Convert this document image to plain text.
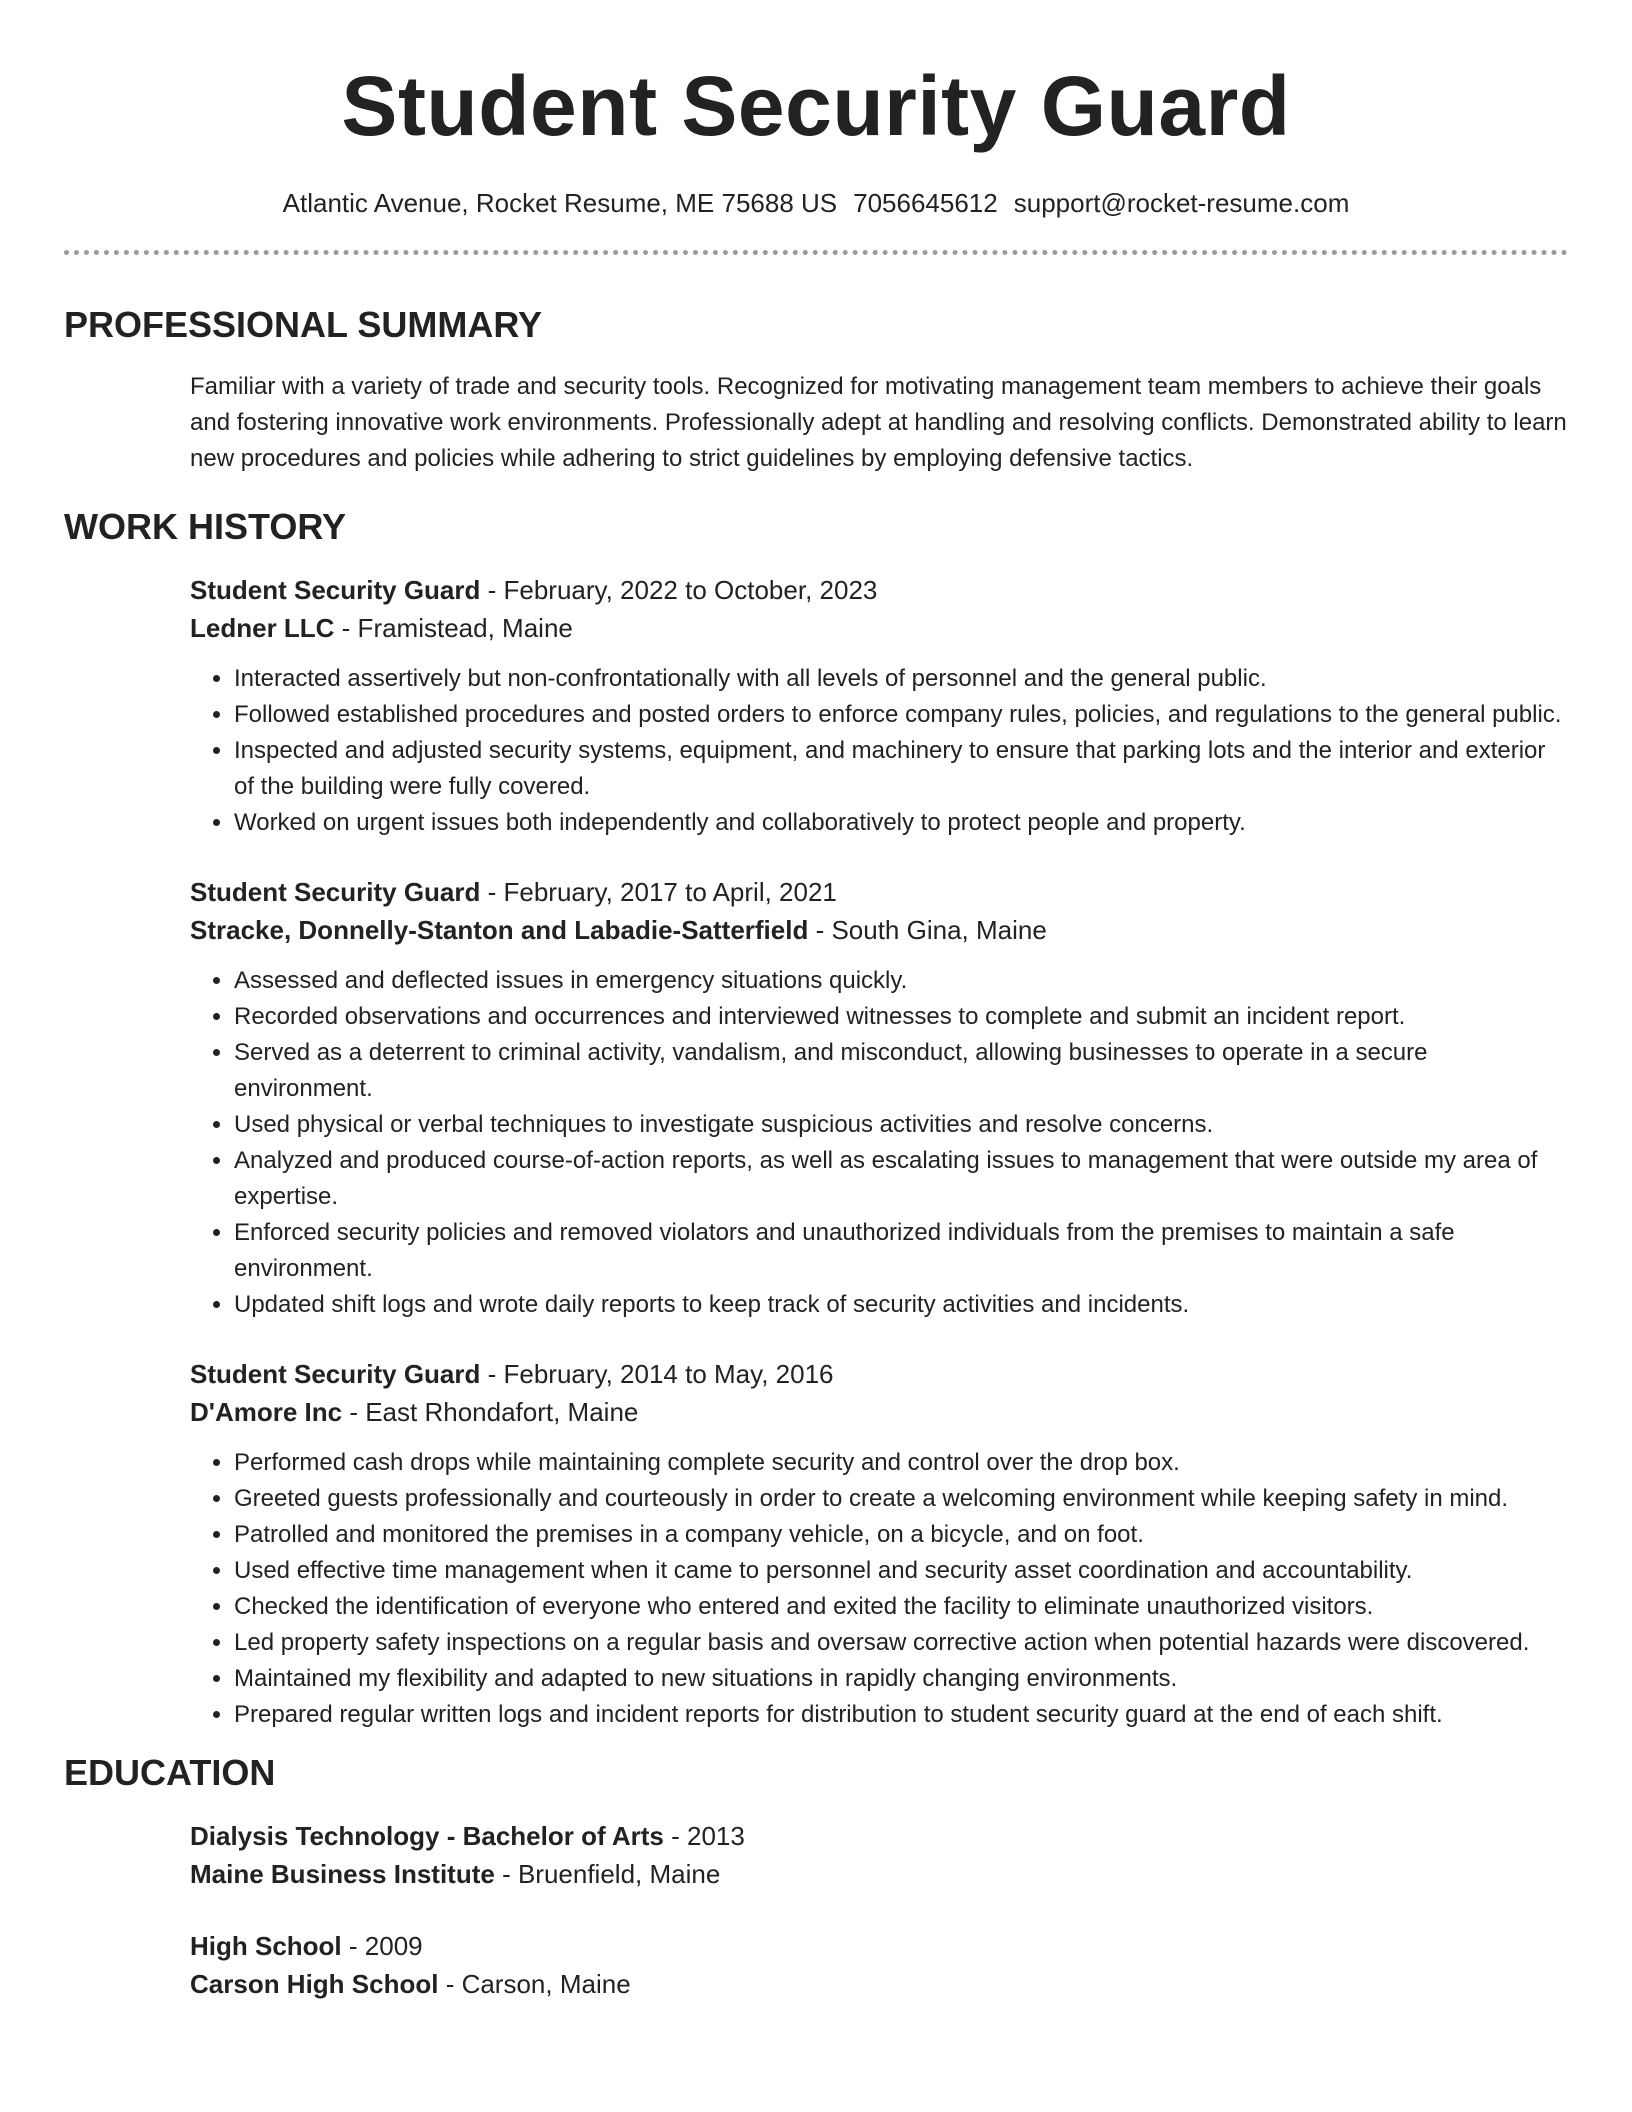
Student Security Guard
Atlantic Avenue, Rocket Resume, ME 75688 US 7056645612 support@rocket-resume.com
PROFESSIONAL SUMMARY

Familiar with a variety of trade and security tools. Recognized for motivating management team members to achieve their goals and fostering innovative work environments. Professionally adept at handling and resolving conflicts. Demonstrated ability to learn new procedures and policies while adhering to strict guidelines by employing defensive tactics.

WORK HISTORY
Student Security Guard - February, 2022 to October, 2023
Ledner LLC - Framistead, Maine
• Interacted assertively but non-confrontationally with all levels of personnel and the general public.
• Followed established procedures and posted orders to enforce company rules, policies, and regulations to the general public.
• Inspected and adjusted security systems, equipment, and machinery to ensure that parking lots and the interior and exterior of the building were fully covered.
• Worked on urgent issues both independently and collaboratively to protect people and property.
Student Security Guard - February, 2017 to April, 2021
Stracke, Donnelly-Stanton and Labadie-Satterfield - South Gina, Maine
• Assessed and deflected issues in emergency situations quickly.
• Recorded observations and occurrences and interviewed witnesses to complete and submit an incident report.
• Served as a deterrent to criminal activity, vandalism, and misconduct, allowing businesses to operate in a secure environment.
• Used physical or verbal techniques to investigate suspicious activities and resolve concerns.
• Analyzed and produced course-of-action reports, as well as escalating issues to management that were outside my area of expertise.
• Enforced security policies and removed violators and unauthorized individuals from the premises to maintain a safe environment.
• Updated shift logs and wrote daily reports to keep track of security activities and incidents.
Student Security Guard - February, 2014 to May, 2016
D'Amore Inc - East Rhondafort, Maine
• Performed cash drops while maintaining complete security and control over the drop box.
• Greeted guests professionally and courteously in order to create a welcoming environment while keeping safety in mind.
• Patrolled and monitored the premises in a company vehicle, on a bicycle, and on foot.
• Used effective time management when it came to personnel and security asset coordination and accountability.
• Checked the identification of everyone who entered and exited the facility to eliminate unauthorized visitors.
• Led property safety inspections on a regular basis and oversaw corrective action when potential hazards were discovered.
• Maintained my flexibility and adapted to new situations in rapidly changing environments.
• Prepared regular written logs and incident reports for distribution to student security guard at the end of each shift.
EDUCATION
Dialysis Technology - Bachelor of Arts - 2013
Maine Business Institute - Bruenfield, Maine
High School - 2009
Carson High School - Carson, Maine
